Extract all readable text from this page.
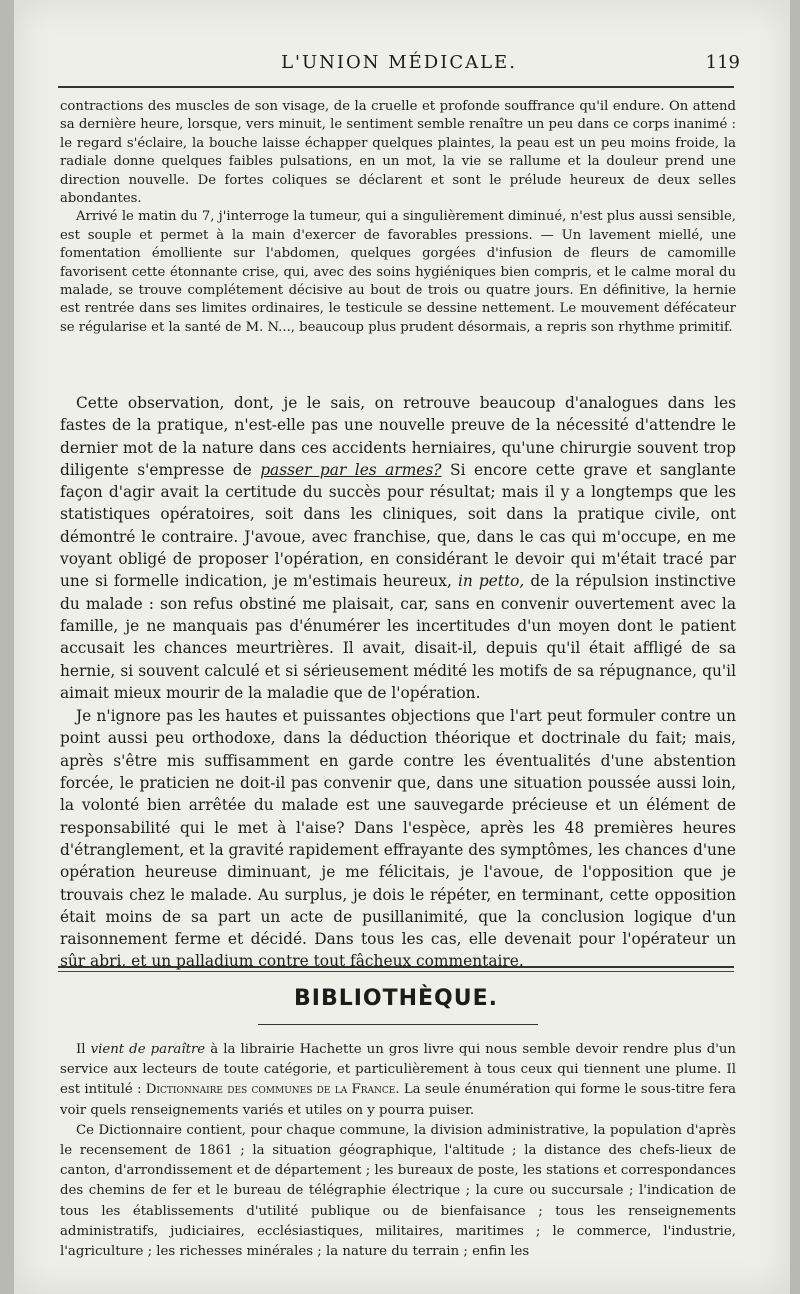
L'UNION MÉDICALE.	119

contractions des muscles de son visage, de la cruelle et profonde souffrance qu'il endure. On attend sa dernière heure, lorsque, vers minuit, le sentiment semble renaître un peu dans ce corps inanimé : le regard s'éclaire, la bouche laisse échapper quelques plaintes, la peau est un peu moins froide, la radiale donne quelques faibles pulsations, en un mot, la vie se rallume et la douleur prend une direction nouvelle. De fortes coliques se déclarent et sont le prélude heureux de deux selles abondantes.

Arrivé le matin du 7, j'interroge la tumeur, qui a singulièrement diminué, n'est plus aussi sensible, est souple et permet à la main d'exercer de favorables pressions. — Un lavement miellé, une fomentation émolliente sur l'abdomen, quelques gorgées d'infusion de fleurs de camomille favorisent cette étonnante crise, qui, avec des soins hygiéniques bien compris, et le calme moral du malade, se trouve complétement décisive au bout de trois ou quatre jours. En définitive, la hernie est rentrée dans ses limites ordinaires, le testicule se dessine nettement. Le mouvement défécateur se régularise et la santé de M. N..., beaucoup plus prudent désormais, a repris son rhythme primitif.

Cette observation, dont, je le sais, on retrouve beaucoup d'analogues dans les fastes de la pratique, n'est-elle pas une nouvelle preuve de la nécessité d'attendre le dernier mot de la nature dans ces accidents herniaires, qu'une chirurgie souvent trop diligente s'empresse de passer par les armes? Si encore cette grave et sanglante façon d'agir avait la certitude du succès pour résultat; mais il y a longtemps que les statistiques opératoires, soit dans les cliniques, soit dans la pratique civile, ont démontré le contraire. J'avoue, avec franchise, que, dans le cas qui m'occupe, en me voyant obligé de proposer l'opération, en considérant le devoir qui m'était tracé par une si formelle indication, je m'estimais heureux, in petto, de la répulsion instinctive du malade : son refus obstiné me plaisait, car, sans en convenir ouvertement avec la famille, je ne manquais pas d'énumérer les incertitudes d'un moyen dont le patient accusait les chances meurtrières. Il avait, disait-il, depuis qu'il était affligé de sa hernie, si souvent calculé et si sérieusement médité les motifs de sa répugnance, qu'il aimait mieux mourir de la maladie que de l'opération.

Je n'ignore pas les hautes et puissantes objections que l'art peut formuler contre un point aussi peu orthodoxe, dans la déduction théorique et doctrinale du fait; mais, après s'être mis suffisamment en garde contre les éventualités d'une abstention forcée, le praticien ne doit-il pas convenir que, dans une situation poussée aussi loin, la volonté bien arrêtée du malade est une sauvegarde précieuse et un élément de responsabilité qui le met à l'aise? Dans l'espèce, après les 48 premières heures d'étranglement, et la gravité rapidement effrayante des symptômes, les chances d'une opération heureuse diminuant, je me félicitais, je l'avoue, de l'opposition que je trouvais chez le malade. Au surplus, je dois le répéter, en terminant, cette opposition était moins de sa part un acte de pusillanimité, que la conclusion logique d'un raisonnement ferme et décidé. Dans tous les cas, elle devenait pour l'opérateur un sûr abri, et un palladium contre tout fâcheux commentaire.

BIBLIOTHÈQUE.

Il vient de paraître à la librairie Hachette un gros livre qui nous semble devoir rendre plus d'un service aux lecteurs de toute catégorie, et particulièrement à tous ceux qui tiennent une plume. Il est intitulé : Dictionnaire des communes de la France. La seule énumération qui forme le sous-titre fera voir quels renseignements variés et utiles on y pourra puiser.

Ce Dictionnaire contient, pour chaque commune, la division administrative, la population d'après le recensement de 1861 ; la situation géographique, l'altitude ; la distance des chefs-lieux de canton, d'arrondissement et de département ; les bureaux de poste, les stations et correspondances des chemins de fer et le bureau de télégraphie électrique ; la cure ou succursale ; l'indication de tous les établissements d'utilité publique ou de bienfaisance ; tous les renseignements administratifs, judiciaires, ecclésiastiques, militaires, maritimes ; le commerce, l'industrie, l'agriculture ; les richesses minérales ; la nature du terrain ; enfin les
